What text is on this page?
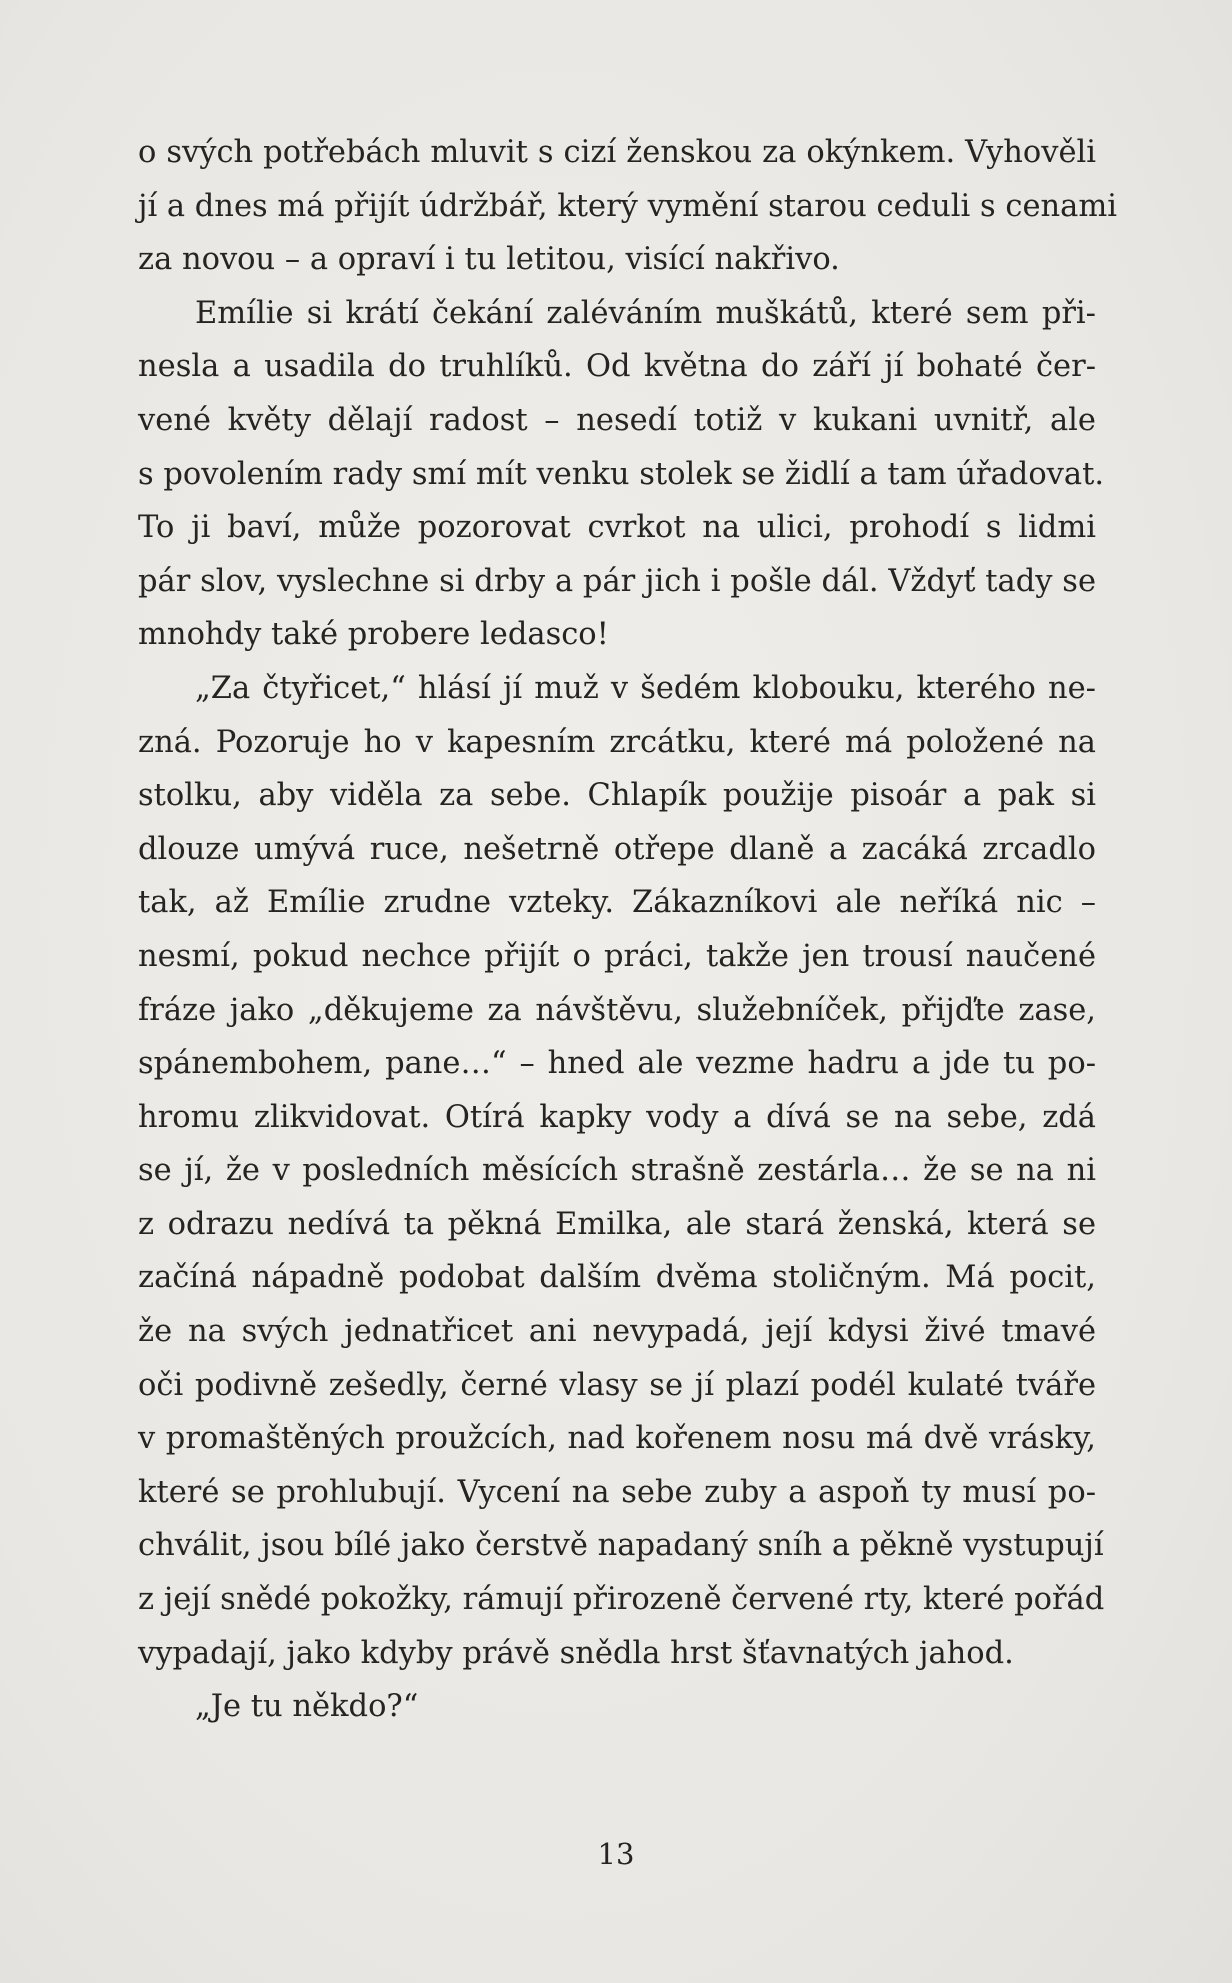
o svých potřebách mluvit s cizí ženskou za okýnkem. Vyhověli
jí a dnes má přijít údržbář, který vymění starou ceduli s cenami
za novou – a opraví i tu letitou, visící nakřivo.
Emílie si krátí čekání zaléváním muškátů, které sem při-
nesla a usadila do truhlíků. Od května do září jí bohaté čer-
vené květy dělají radost – nesedí totiž v kukani uvnitř, ale
s povolením rady smí mít venku stolek se židlí a tam úřadovat.
To ji baví, může pozorovat cvrkot na ulici, prohodí s lidmi
pár slov, vyslechne si drby a pár jich i pošle dál. Vždyť tady se
mnohdy také probere ledasco!
„Za čtyřicet,“ hlásí jí muž v šedém klobouku, kterého ne-
zná. Pozoruje ho v kapesním zrcátku, které má položené na
stolku, aby viděla za sebe. Chlapík použije pisoár a pak si
dlouze umývá ruce, nešetrně otřepe dlaně a zacáká zrcadlo
tak, až Emílie zrudne vzteky. Zákazníkovi ale neříká nic –
nesmí, pokud nechce přijít o práci, takže jen trousí naučené
fráze jako „děkujeme za návštěvu, služebníček, přijďte zase,
spánembohem, pane…“ – hned ale vezme hadru a jde tu po-
hromu zlikvidovat. Otírá kapky vody a dívá se na sebe, zdá
se jí, že v posledních měsících strašně zestárla… že se na ni
z odrazu nedívá ta pěkná Emilka, ale stará ženská, která se
začíná nápadně podobat dalším dvěma stoličným. Má pocit,
že na svých jednatřicet ani nevypadá, její kdysi živé tmavé
oči podivně zešedly, černé vlasy se jí plazí podél kulaté tváře
v promaštěných proužcích, nad kořenem nosu má dvě vrásky,
které se prohlubují. Vycení na sebe zuby a aspoň ty musí po-
chválit, jsou bílé jako čerstvě napadaný sníh a pěkně vystupují
z její snědé pokožky, rámují přirozeně červené rty, které pořád
vypadají, jako kdyby právě snědla hrst šťavnatých jahod.
„Je tu někdo?“
13
